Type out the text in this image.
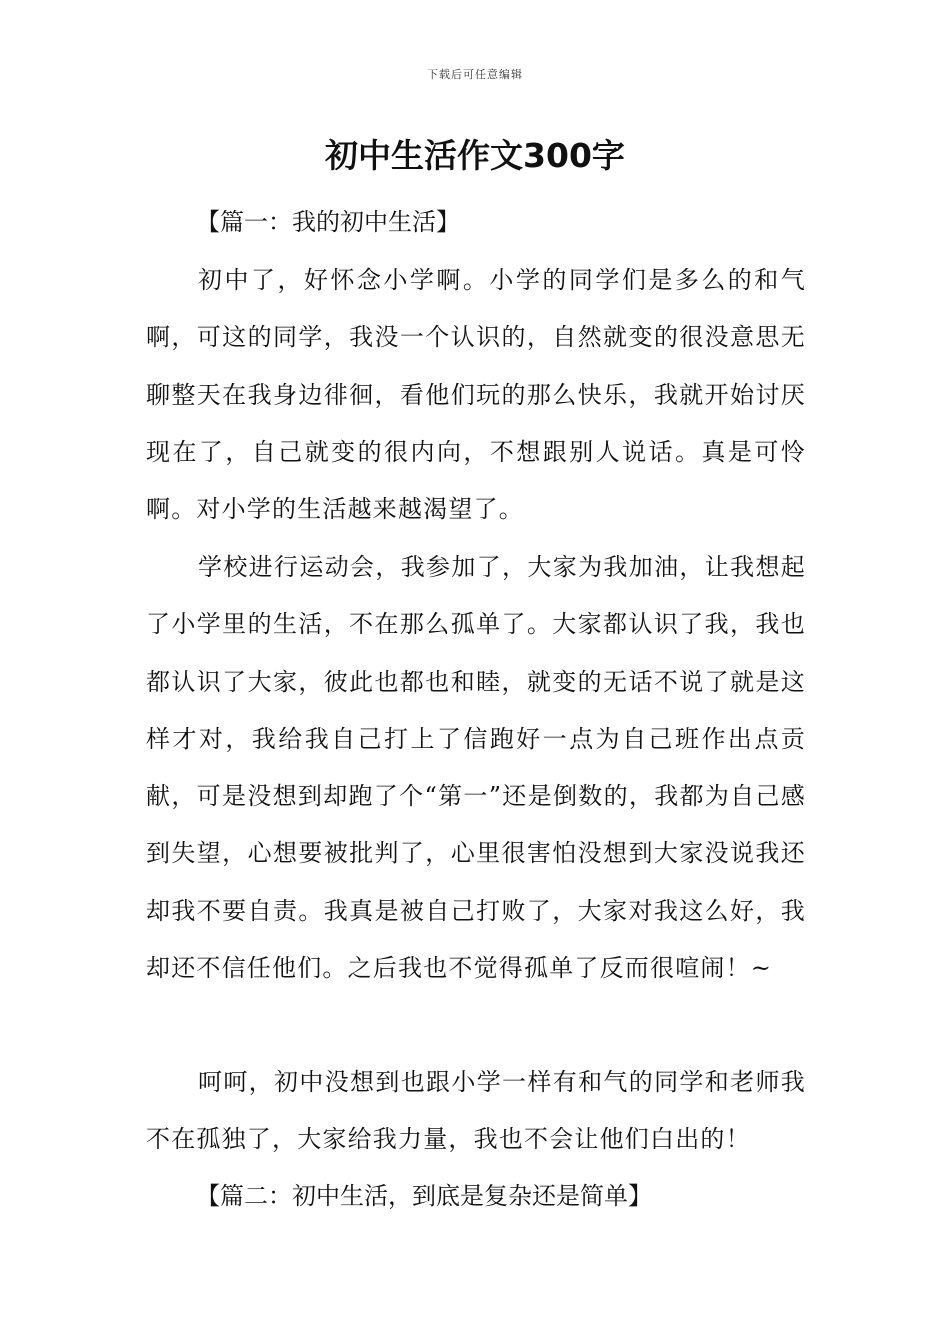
下载后可任意编辑
初中生活作文300字
【篇一：我的初中生活】
初中了，好怀念小学啊。小学的同学们是多么的和气啊，可这的同学，我没一个认识的，自然就变的很没意思无聊整天在我身边徘徊，看他们玩的那么快乐，我就开始讨厌现在了，自己就变的很内向，不想跟别人说话。真是可怜啊。对小学的生活越来越渴望了。
学校进行运动会，我参加了，大家为我加油，让我想起了小学里的生活，不在那么孤单了。大家都认识了我，我也都认识了大家，彼此也都也和睦，就变的无话不说了就是这样才对，我给我自己打上了信跑好一点为自己班作出点贡献，可是没想到却跑了个“第一”还是倒数的，我都为自己感到失望，心想要被批判了，心里很害怕没想到大家没说我还却我不要自责。我真是被自己打败了，大家对我这么好，我却还不信任他们。之后我也不觉得孤单了反而很喧闹！~
呵呵，初中没想到也跟小学一样有和气的同学和老师我不在孤独了，大家给我力量，我也不会让他们白出的！
【篇二：初中生活，到底是复杂还是简单】
